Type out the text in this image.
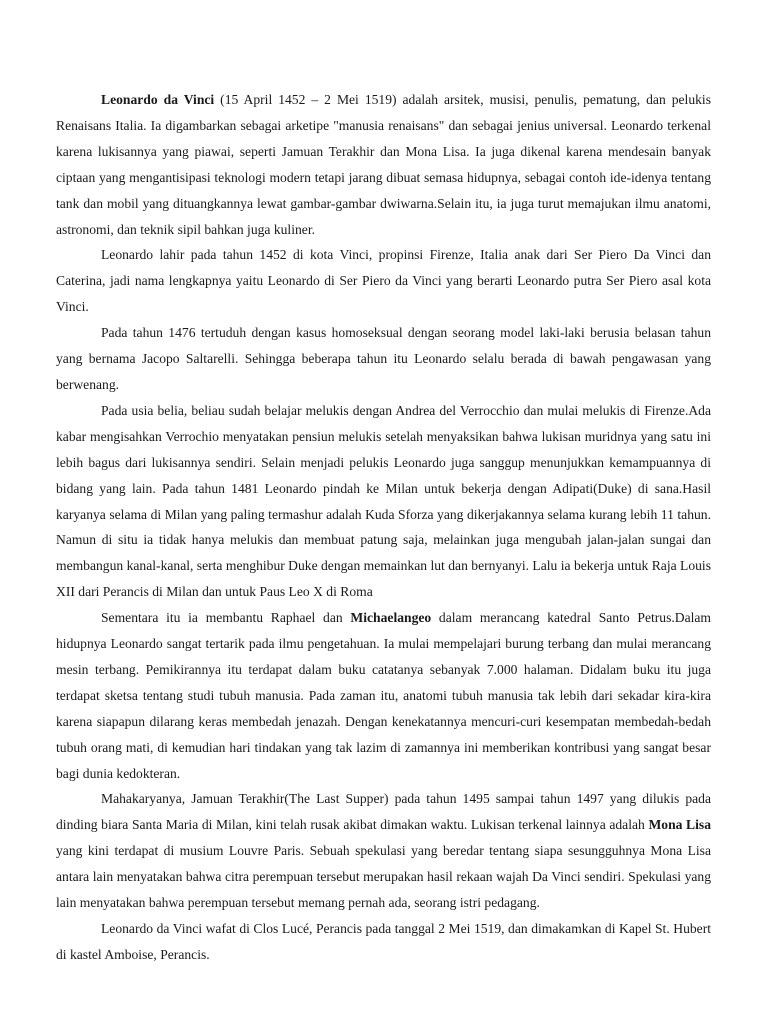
Leonardo da Vinci (15 April 1452 – 2 Mei 1519) adalah arsitek, musisi, penulis, pematung, dan pelukis Renaisans Italia. Ia digambarkan sebagai arketipe "manusia renaisans" dan sebagai jenius universal. Leonardo terkenal karena lukisannya yang piawai, seperti Jamuan Terakhir dan Mona Lisa. Ia juga dikenal karena mendesain banyak ciptaan yang mengantisipasi teknologi modern tetapi jarang dibuat semasa hidupnya, sebagai contoh ide-idenya tentang tank dan mobil yang dituangkannya lewat gambar-gambar dwiwarna.Selain itu, ia juga turut memajukan ilmu anatomi, astronomi, dan teknik sipil bahkan juga kuliner.

Leonardo lahir pada tahun 1452 di kota Vinci, propinsi Firenze, Italia anak dari Ser Piero Da Vinci dan Caterina, jadi nama lengkapnya yaitu Leonardo di Ser Piero da Vinci yang berarti Leonardo putra Ser Piero asal kota Vinci.

Pada tahun 1476 tertuduh dengan kasus homoseksual dengan seorang model laki-laki berusia belasan tahun yang bernama Jacopo Saltarelli. Sehingga beberapa tahun itu Leonardo selalu berada di bawah pengawasan yang berwenang.

Pada usia belia, beliau sudah belajar melukis dengan Andrea del Verrocchio dan mulai melukis di Firenze.Ada kabar mengisahkan Verrochio menyatakan pensiun melukis setelah menyaksikan bahwa lukisan muridnya yang satu ini lebih bagus dari lukisannya sendiri. Selain menjadi pelukis Leonardo juga sanggup menunjukkan kemampuannya di bidang yang lain. Pada tahun 1481 Leonardo pindah ke Milan untuk bekerja dengan Adipati(Duke) di sana.Hasil karyanya selama di Milan yang paling termashur adalah Kuda Sforza yang dikerjakannya selama kurang lebih 11 tahun. Namun di situ ia tidak hanya melukis dan membuat patung saja, melainkan juga mengubah jalan-jalan sungai dan membangun kanal-kanal, serta menghibur Duke dengan memainkan lut dan bernyanyi. Lalu ia bekerja untuk Raja Louis XII dari Perancis di Milan dan untuk Paus Leo X di Roma

Sementara itu ia membantu Raphael dan Michaelangeo dalam merancang katedral Santo Petrus.Dalam hidupnya Leonardo sangat tertarik pada ilmu pengetahuan. Ia mulai mempelajari burung terbang dan mulai merancang mesin terbang. Pemikirannya itu terdapat dalam buku catatanya sebanyak 7.000 halaman. Didalam buku itu juga terdapat sketsa tentang studi tubuh manusia. Pada zaman itu, anatomi tubuh manusia tak lebih dari sekadar kira-kira karena siapapun dilarang keras membedah jenazah. Dengan kenekatannya mencuri-curi kesempatan membedah-bedah tubuh orang mati, di kemudian hari tindakan yang tak lazim di zamannya ini memberikan kontribusi yang sangat besar bagi dunia kedokteran.

Mahakaryanya, Jamuan Terakhir(The Last Supper) pada tahun 1495 sampai tahun 1497 yang dilukis pada dinding biara Santa Maria di Milan, kini telah rusak akibat dimakan waktu. Lukisan terkenal lainnya adalah Mona Lisa yang kini terdapat di musium Louvre Paris. Sebuah spekulasi yang beredar tentang siapa sesungguhnya Mona Lisa antara lain menyatakan bahwa citra perempuan tersebut merupakan hasil rekaan wajah Da Vinci sendiri. Spekulasi yang lain menyatakan bahwa perempuan tersebut memang pernah ada, seorang istri pedagang.

Leonardo da Vinci wafat di Clos Lucé, Perancis pada tanggal 2 Mei 1519, dan dimakamkan di Kapel St. Hubert di kastel Amboise, Perancis.
